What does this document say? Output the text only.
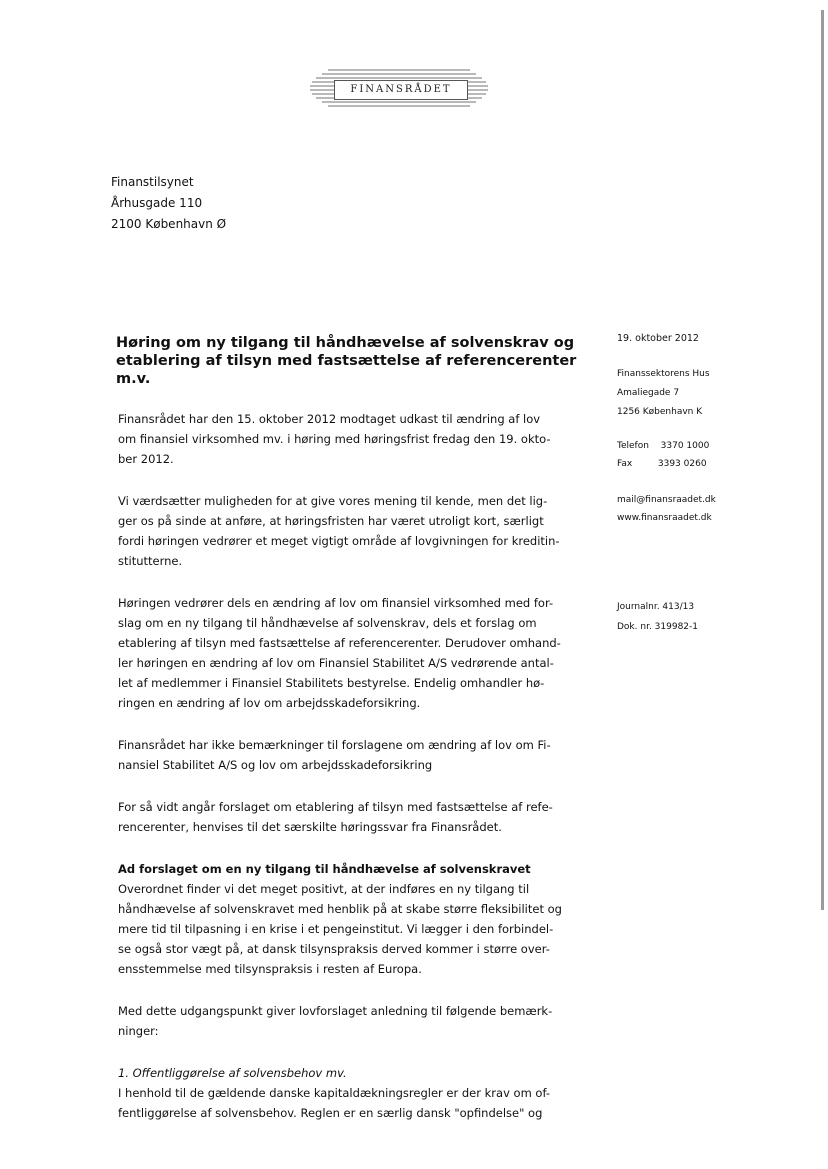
FINANSRÅDET
Finanstilsynet
Århusgade 110
2100 København Ø
Høring om ny tilgang til håndhævelse af solvenskrav og
etablering af tilsyn med fastsættelse af referencerenter
m.v.
Finansrådet har den 15. oktober 2012 modtaget udkast til ændring af lov
om finansiel virksomhed mv. i høring med høringsfrist fredag den 19. okto-
ber 2012.
Vi værdsætter muligheden for at give vores mening til kende, men det lig-
ger os på sinde at anføre, at høringsfristen har været utroligt kort, særligt
fordi høringen vedrører et meget vigtigt område af lovgivningen for kreditin-
stitutterne.
Høringen vedrører dels en ændring af lov om finansiel virksomhed med for-
slag om en ny tilgang til håndhævelse af solvenskrav, dels et forslag om
etablering af tilsyn med fastsættelse af referencerenter. Derudover omhand-
ler høringen en ændring af lov om Finansiel Stabilitet A/S vedrørende antal-
let af medlemmer i Finansiel Stabilitets bestyrelse. Endelig omhandler hø-
ringen en ændring af lov om arbejdsskadeforsikring.
Finansrådet har ikke bemærkninger til forslagene om ændring af lov om Fi-
nansiel Stabilitet A/S og lov om arbejdsskadeforsikring
For så vidt angår forslaget om etablering af tilsyn med fastsættelse af refe-
rencerenter, henvises til det særskilte høringssvar fra Finansrådet.
Ad forslaget om en ny tilgang til håndhævelse af solvenskravet
Overordnet finder vi det meget positivt, at der indføres en ny tilgang til
håndhævelse af solvenskravet med henblik på at skabe større fleksibilitet og
mere tid til tilpasning i en krise i et pengeinstitut. Vi lægger i den forbindel-
se også stor vægt på, at dansk tilsynspraksis derved kommer i større over-
ensstemmelse med tilsynspraksis i resten af Europa.
Med dette udgangspunkt giver lovforslaget anledning til følgende bemærk-
ninger:
1. Offentliggørelse af solvensbehov mv.
I henhold til de gældende danske kapitaldækningsregler er der krav om of-
fentliggørelse af solvensbehov. Reglen er en særlig dansk "opfindelse" og
19. oktober 2012
Finanssektorens Hus
Amaliegade 7
1256 København K
Telefon 3370 1000
Fax	3393 0260
mail@finansraadet.dk
www.finansraadet.dk
Journalnr. 413/13
Dok. nr. 319982-1
